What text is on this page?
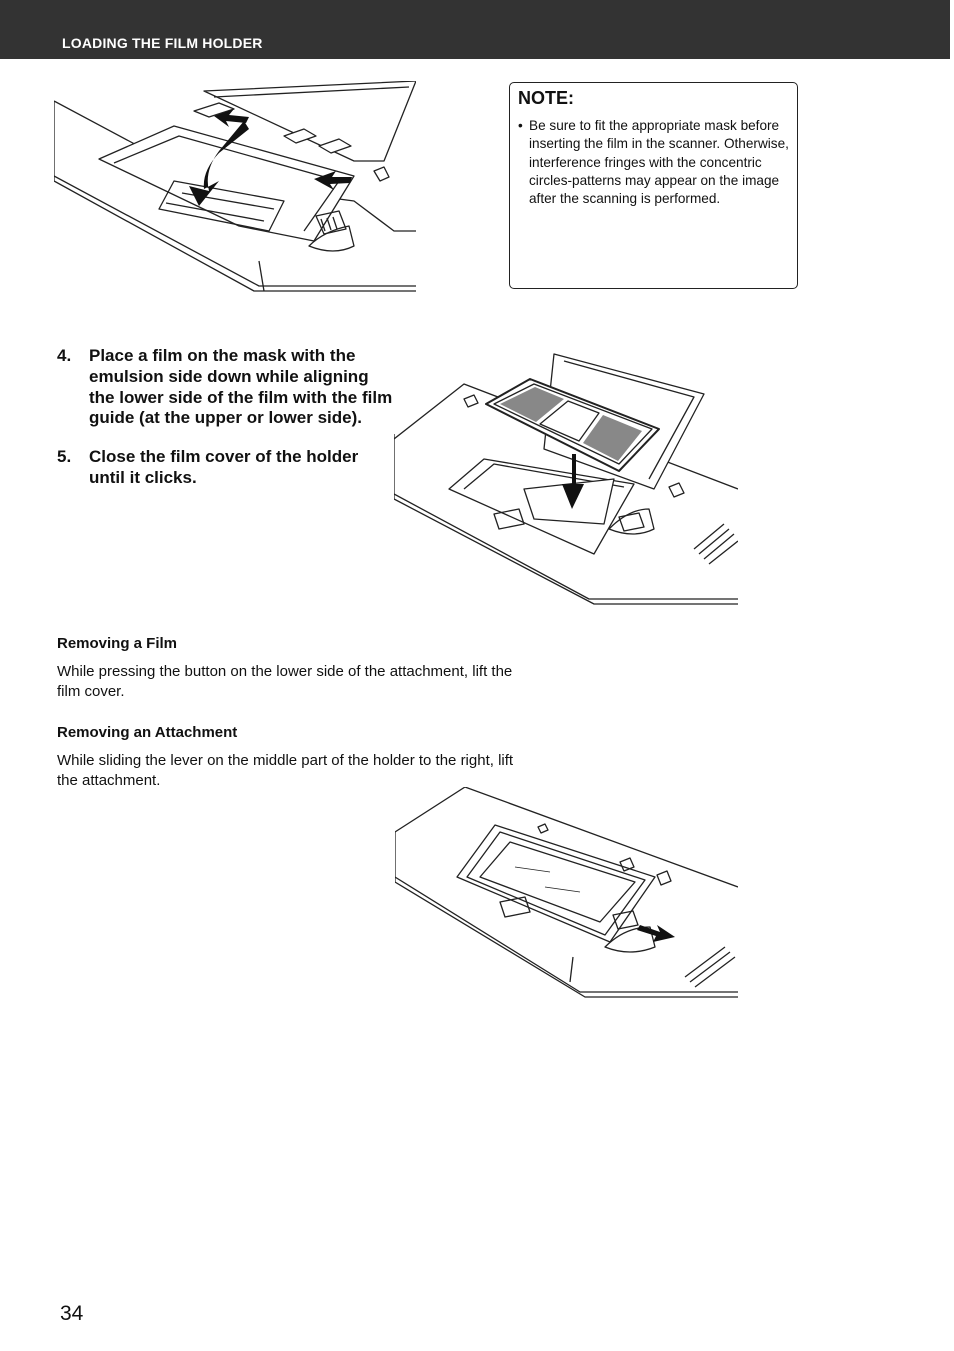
LOADING THE FILM HOLDER
NOTE:
• Be sure to fit the appropriate mask before inserting the film in the scanner. Otherwise, interference fringes with the concentric circles-patterns may appear on the image after the scanning is performed.
4.	Place a film on the mask with the emulsion side down while aligning the lower side of the film with the film guide (at the upper or lower side).
5.	Close the film cover of the holder until it clicks.
Removing a Film
While pressing the button on the lower side of the attachment, lift the film cover.
Removing an Attachment
While sliding the lever on the middle part of the holder to the right, lift the attachment.
34
